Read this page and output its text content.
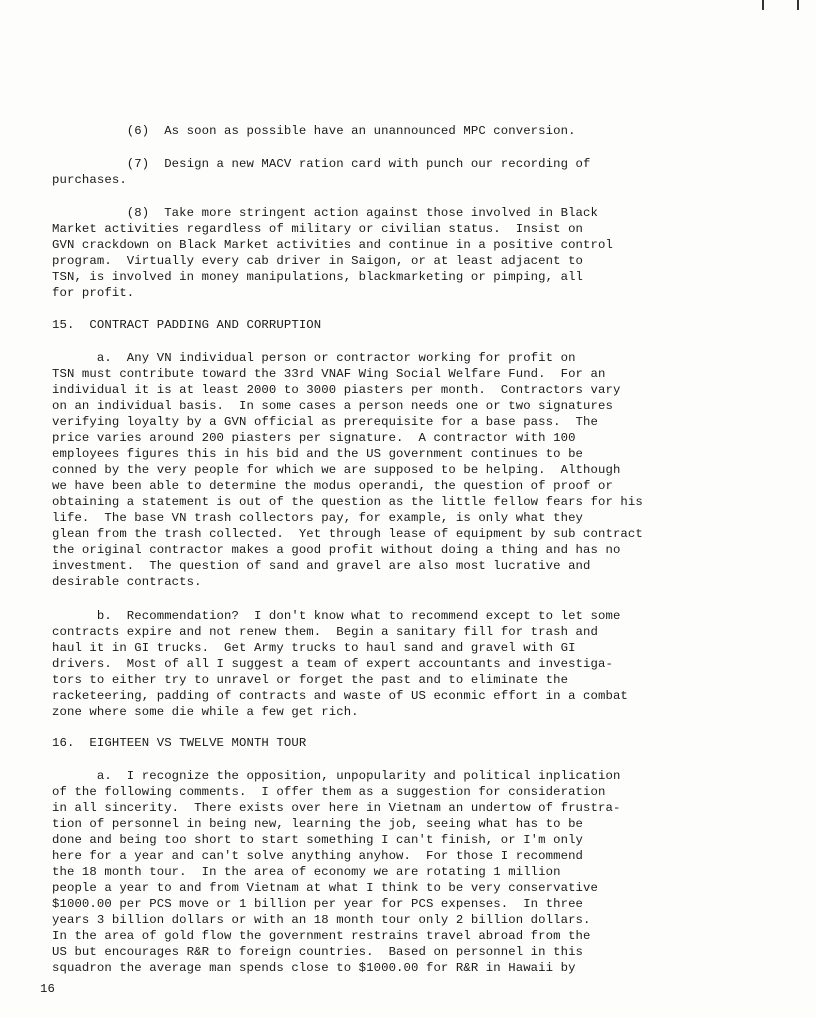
(6)  As soon as possible have an unannounced MPC conversion.
(7)  Design a new MACV ration card with punch our recording of
purchases.
(8)  Take more stringent action against those involved in Black
Market activities regardless of military or civilian status.  Insist on
GVN crackdown on Black Market activities and continue in a positive control
program.  Virtually every cab driver in Saigon, or at least adjacent to
TSN, is involved in money manipulations, blackmarketing or pimping, all
for profit.
15.  CONTRACT PADDING AND CORRUPTION
a.  Any VN individual person or contractor working for profit on
TSN must contribute toward the 33rd VNAF Wing Social Welfare Fund.  For an
individual it is at least 2000 to 3000 piasters per month.  Contractors vary
on an individual basis.  In some cases a person needs one or two signatures
verifying loyalty by a GVN official as prerequisite for a base pass.  The
price varies around 200 piasters per signature.  A contractor with 100
employees figures this in his bid and the US government continues to be
conned by the very people for which we are supposed to be helping.  Although
we have been able to determine the modus operandi, the question of proof or
obtaining a statement is out of the question as the little fellow fears for his
life.  The base VN trash collectors pay, for example, is only what they
glean from the trash collected.  Yet through lease of equipment by sub contract
the original contractor makes a good profit without doing a thing and has no
investment.  The question of sand and gravel are also most lucrative and
desirable contracts.
b.  Recommendation?  I don't know what to recommend except to let some
contracts expire and not renew them.  Begin a sanitary fill for trash and
haul it in GI trucks.  Get Army trucks to haul sand and gravel with GI
drivers.  Most of all I suggest a team of expert accountants and investiga-
tors to either try to unravel or forget the past and to eliminate the
racketeering, padding of contracts and waste of US econmic effort in a combat
zone where some die while a few get rich.
16.  EIGHTEEN VS TWELVE MONTH TOUR
a.  I recognize the opposition, unpopularity and political inplication
of the following comments.  I offer them as a suggestion for consideration
in all sincerity.  There exists over here in Vietnam an undertow of frustra-
tion of personnel in being new, learning the job, seeing what has to be
done and being too short to start something I can't finish, or I'm only
here for a year and can't solve anything anyhow.  For those I recommend
the 18 month tour.  In the area of economy we are rotating 1 million
people a year to and from Vietnam at what I think to be very conservative
$1000.00 per PCS move or 1 billion per year for PCS expenses.  In three
years 3 billion dollars or with an 18 month tour only 2 billion dollars.
In the area of gold flow the government restrains travel abroad from the
US but encourages R&R to foreign countries.  Based on personnel in this
squadron the average man spends close to $1000.00 for R&R in Hawaii by
16
